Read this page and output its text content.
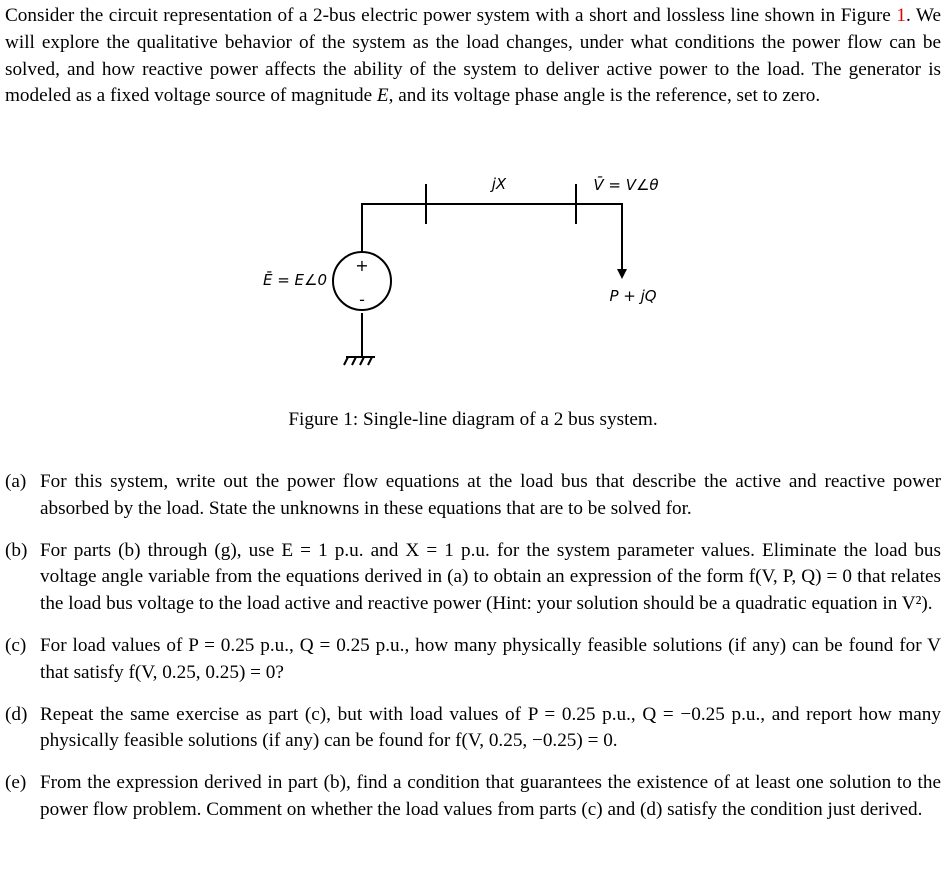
Consider the circuit representation of a 2-bus electric power system with a short and lossless line shown in Figure 1. We will explore the qualitative behavior of the system as the load changes, under what conditions the power flow can be solved, and how reactive power affects the ability of the system to deliver active power to the load. The generator is modeled as a fixed voltage source of magnitude E, and its voltage phase angle is the reference, set to zero.

+
-
jX	V̄ = V∠θ
Ē = E∠0
P + jQ

Figure 1: Single-line diagram of a 2 bus system.

(a) For this system, write out the power flow equations at the load bus that describe the active and reactive power absorbed by the load. State the unknowns in these equations that are to be solved for.
(b) For parts (b) through (g), use E = 1 p.u. and X = 1 p.u. for the system parameter values. Eliminate the load bus voltage angle variable from the equations derived in (a) to obtain an expression of the form f(V, P, Q) = 0 that relates the load bus voltage to the load active and reactive power (Hint: your solution should be a quadratic equation in V²).
(c) For load values of P = 0.25 p.u., Q = 0.25 p.u., how many physically feasible solutions (if any) can be found for V that satisfy f(V, 0.25, 0.25) = 0?
(d) Repeat the same exercise as part (c), but with load values of P = 0.25 p.u., Q = −0.25 p.u., and report how many physically feasible solutions (if any) can be found for f(V, 0.25, −0.25) = 0.
(e) From the expression derived in part (b), find a condition that guarantees the existence of at least one solution to the power flow problem. Comment on whether the load values from parts (c) and (d) satisfy the condition just derived.
